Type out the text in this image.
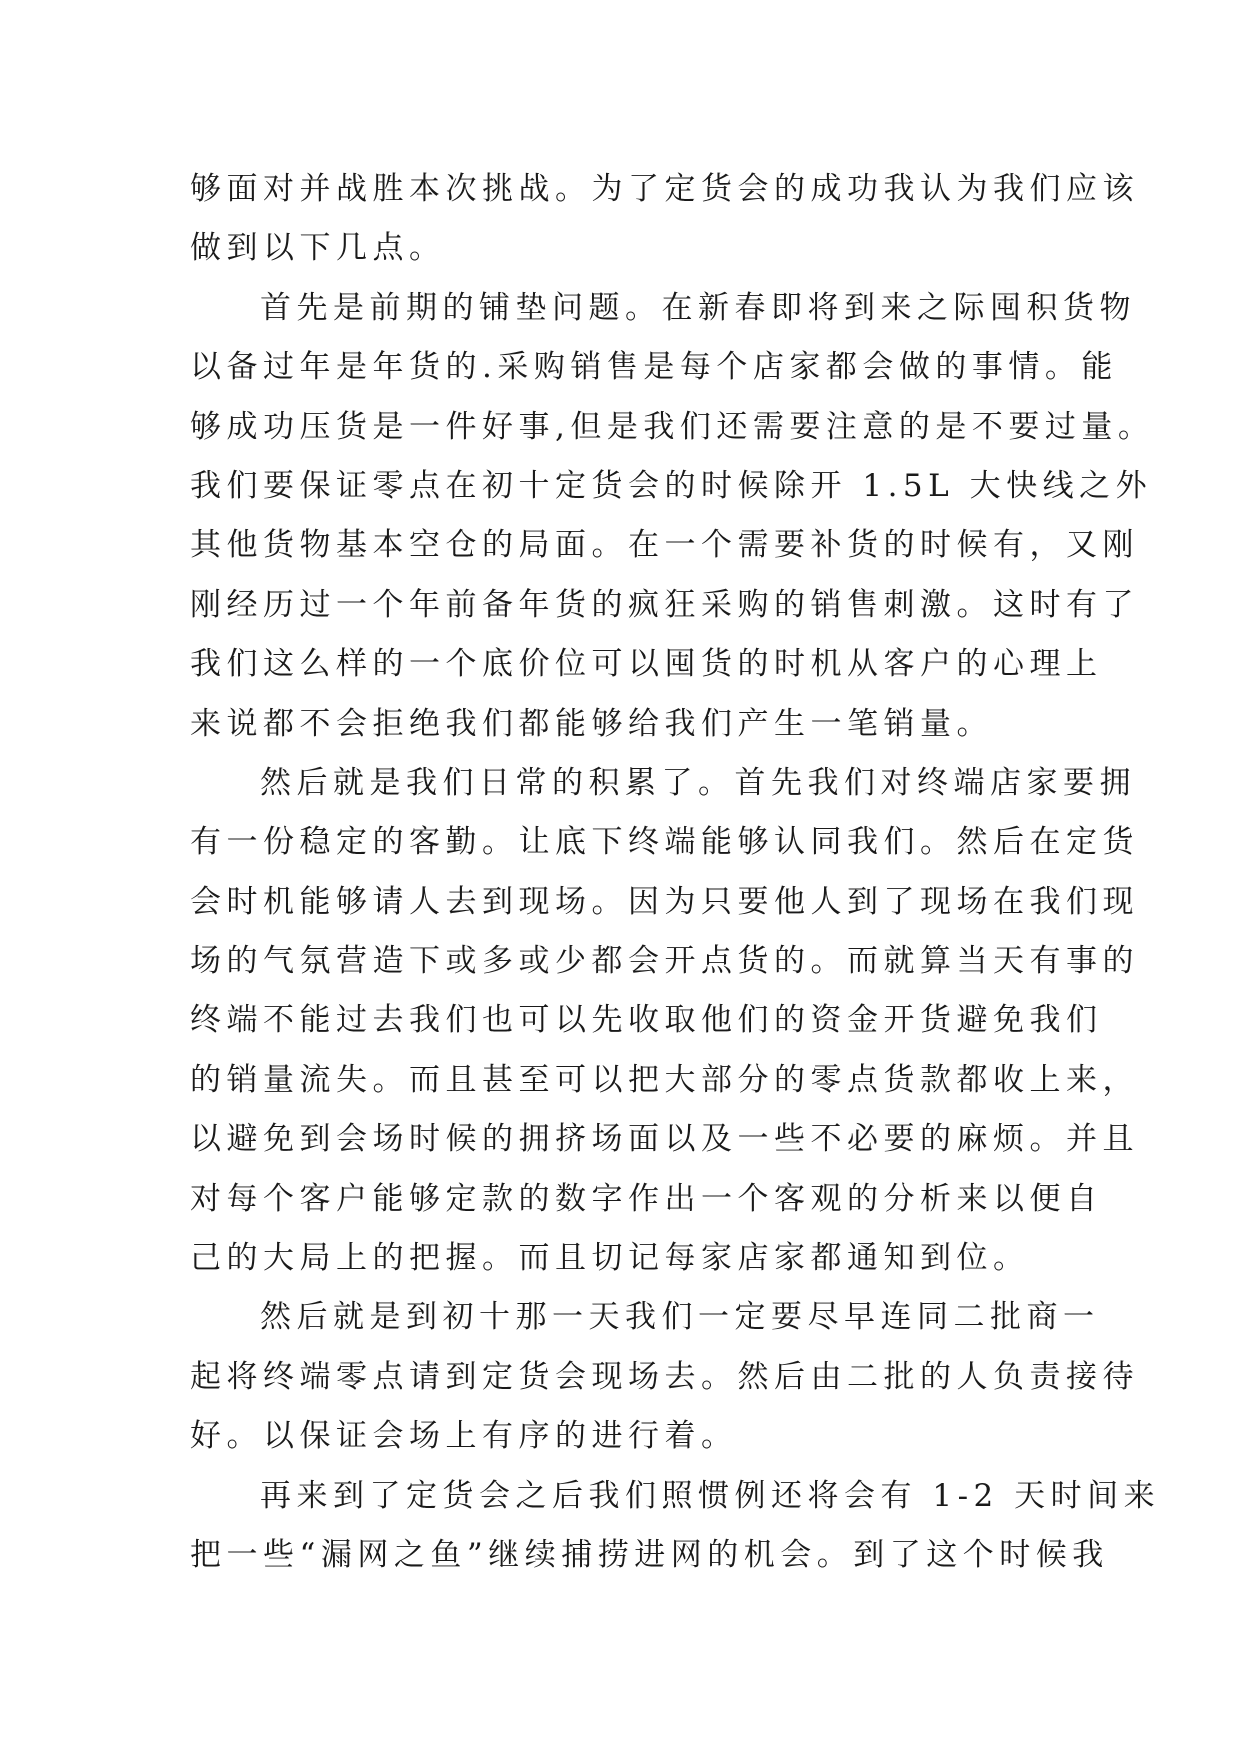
够面对并战胜本次挑战。为了定货会的成功我认为我们应该
做到以下几点。
首先是前期的铺垫问题。在新春即将到来之际囤积货物
以备过年是年货的.采购销售是每个店家都会做的事情。能
够成功压货是一件好事,但是我们还需要注意的是不要过量。
我们要保证零点在初十定货会的时候除开 1.5L 大快线之外
其他货物基本空仓的局面。在一个需要补货的时候有，又刚
刚经历过一个年前备年货的疯狂采购的销售刺激。这时有了
我们这么样的一个底价位可以囤货的时机从客户的心理上
来说都不会拒绝我们都能够给我们产生一笔销量。
然后就是我们日常的积累了。首先我们对终端店家要拥
有一份稳定的客勤。让底下终端能够认同我们。然后在定货
会时机能够请人去到现场。因为只要他人到了现场在我们现
场的气氛营造下或多或少都会开点货的。而就算当天有事的
终端不能过去我们也可以先收取他们的资金开货避免我们
的销量流失。而且甚至可以把大部分的零点货款都收上来，
以避免到会场时候的拥挤场面以及一些不必要的麻烦。并且
对每个客户能够定款的数字作出一个客观的分析来以便自
己的大局上的把握。而且切记每家店家都通知到位。
然后就是到初十那一天我们一定要尽早连同二批商一
起将终端零点请到定货会现场去。然后由二批的人负责接待
好。以保证会场上有序的进行着。
再来到了定货会之后我们照惯例还将会有 1-2 天时间来
把一些“漏网之鱼”继续捕捞进网的机会。到了这个时候我
